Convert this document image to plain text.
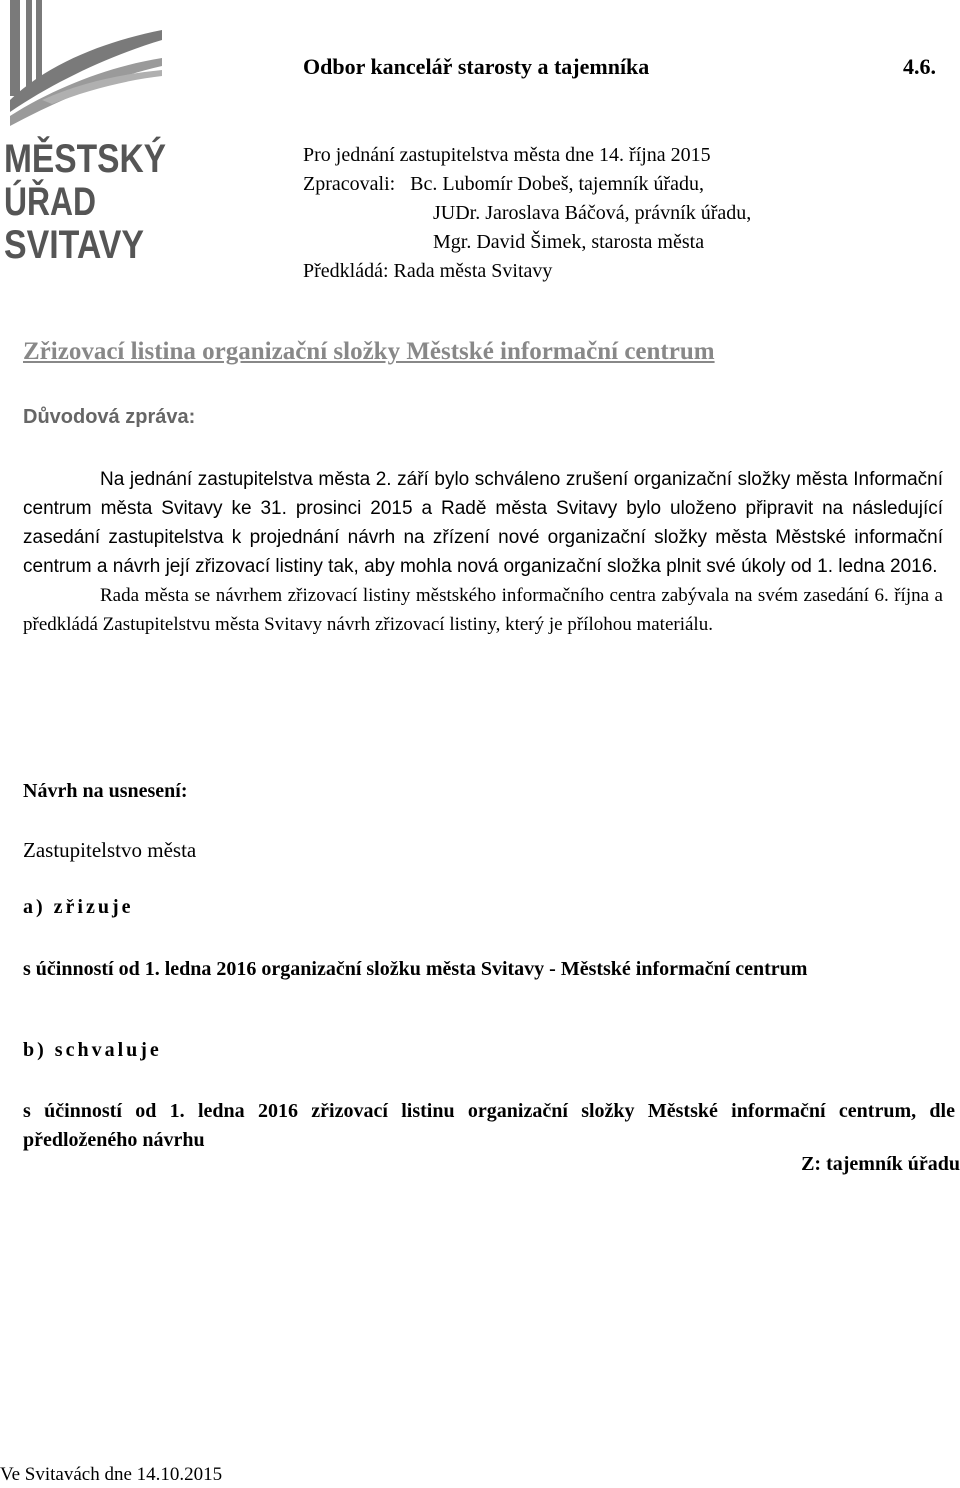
MĚSTSKÝ
ÚŘAD
SVITAVY
Odbor kancelář starosty a tajemníka	4.6.
Pro jednání zastupitelstva města dne 14. října 2015
Zpracovali:   Bc. Lubomír Dobeš, tajemník úřadu,
JUDr. Jaroslava Báčová, právník úřadu,
Mgr. David Šimek, starosta města
Předkládá: Rada města Svitavy
Zřizovací listina organizační složky Městské informační centrum
Důvodová zpráva:

Na jednání zastupitelstva města 2. září bylo schváleno zrušení organizační složky města Informační centrum města Svitavy ke 31. prosinci 2015 a Radě města Svitavy bylo uloženo připravit na následující zasedání zastupitelstva k projednání návrh na zřízení nové organizační složky města Městské informační centrum a návrh její zřizovací listiny tak, aby mohla nová organizační složka plnit své úkoly od 1. ledna 2016.

Rada města se návrhem zřizovací listiny městského informačního centra zabývala na svém zasedání 6. října a předkládá Zastupitelstvu města Svitavy návrh zřizovací listiny, který je přílohou materiálu.

Návrh na usnesení:
Zastupitelstvo města
a) zřizuje
s účinností od 1. ledna 2016 organizační složku města Svitavy - Městské informační centrum
b) schvaluje
s účinností od 1. ledna 2016 zřizovací listinu organizační složky Městské informační centrum, dle předloženého návrhu
Z: tajemník úřadu
Ve Svitavách dne 14.10.2015
